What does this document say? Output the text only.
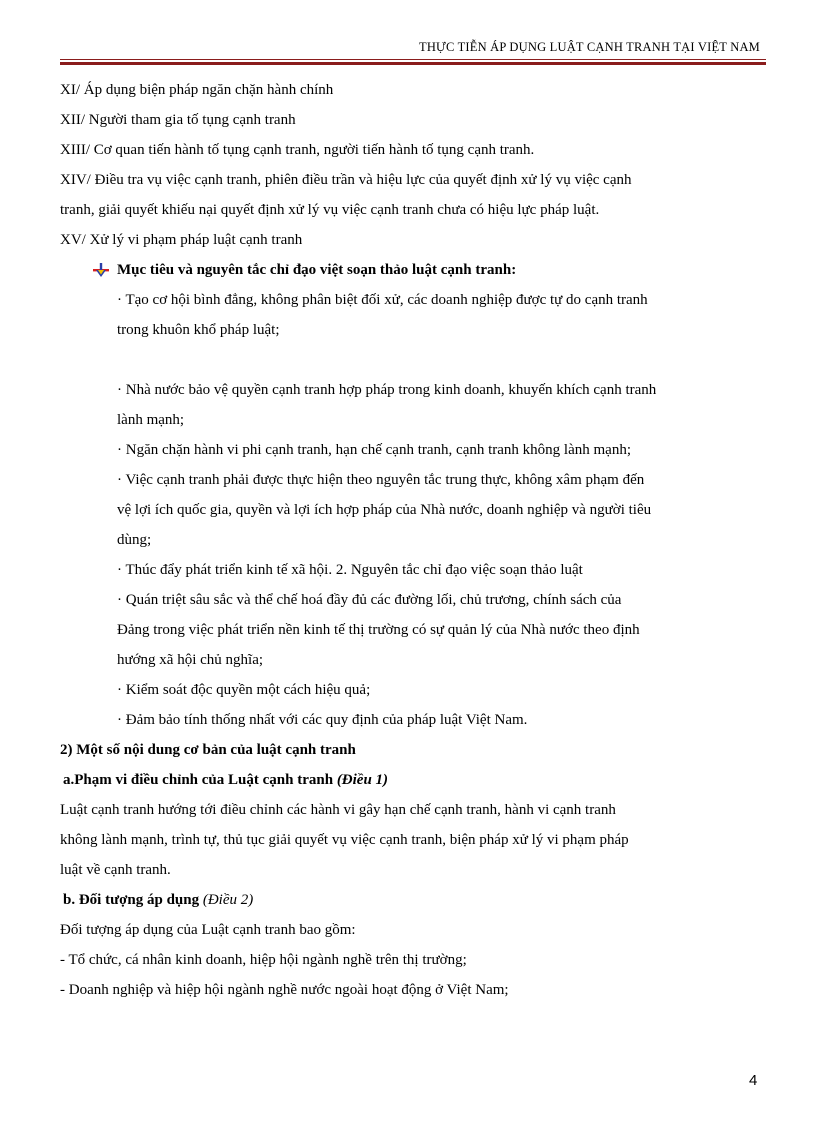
THỰC TIỄN ÁP DỤNG LUẬT CẠNH TRANH TẠI VIỆT NAM
XI/ Áp dụng biện pháp ngăn chặn hành chính
XII/ Người tham gia tố tụng cạnh tranh
XIII/ Cơ quan tiến hành tố tụng cạnh tranh, người tiến hành tố tụng cạnh tranh.
XIV/ Điều tra vụ việc cạnh tranh, phiên điều trần và hiệu lực của quyết định xử lý vụ việc cạnh
tranh, giải quyết khiếu nại quyết định xử lý vụ việc cạnh tranh chưa có hiệu lực pháp luật.
XV/ Xử lý vi phạm pháp luật cạnh tranh
Mục tiêu và nguyên tắc chỉ đạo việt soạn thảo luật cạnh tranh:
· Tạo cơ hội bình đẳng, không phân biệt đối xử, các doanh nghiệp được tự do cạnh tranh
trong khuôn khổ pháp luật;
· Nhà nước bảo vệ quyền cạnh tranh hợp pháp trong kinh doanh, khuyến khích cạnh tranh
lành mạnh;
· Ngăn chặn hành vi phi cạnh tranh, hạn chế cạnh tranh, cạnh tranh không lành mạnh;
· Việc cạnh tranh phải được thực hiện theo nguyên tắc trung thực, không xâm phạm đến
vệ lợi ích quốc gia, quyền và lợi ích hợp pháp của Nhà nước, doanh nghiệp và người tiêu
dùng;
· Thúc đẩy phát triển kinh tế xã hội. 2. Nguyên tắc chỉ đạo việc soạn thảo luật
· Quán triệt sâu sắc và thể chế hoá đầy đủ các đường lối, chủ trương, chính sách của
Đảng trong việc phát triển nền kinh tế thị trường có sự quản lý của Nhà nước theo định
hướng xã hội chủ nghĩa;
· Kiểm soát độc quyền một cách hiệu quả;
· Đảm bảo tính thống nhất với các quy định của pháp luật Việt Nam.
2) Một số nội dung cơ bản của luật cạnh tranh
a.Phạm vi điều chỉnh của Luật cạnh tranh (Điều 1)
Luật cạnh tranh hướng tới điều chỉnh các hành vi gây hạn chế cạnh tranh, hành vi cạnh tranh
không lành mạnh, trình tự, thủ tục giải quyết vụ việc cạnh tranh, biện pháp xử lý vi phạm pháp
luật về cạnh tranh.
b. Đối tượng áp dụng (Điều 2)
Đối tượng áp dụng của Luật cạnh tranh bao gồm:
- Tổ chức, cá nhân kinh doanh, hiệp hội ngành nghề trên thị trường;
- Doanh nghiệp và hiệp hội ngành nghề nước ngoài hoạt động ở Việt Nam;
4
